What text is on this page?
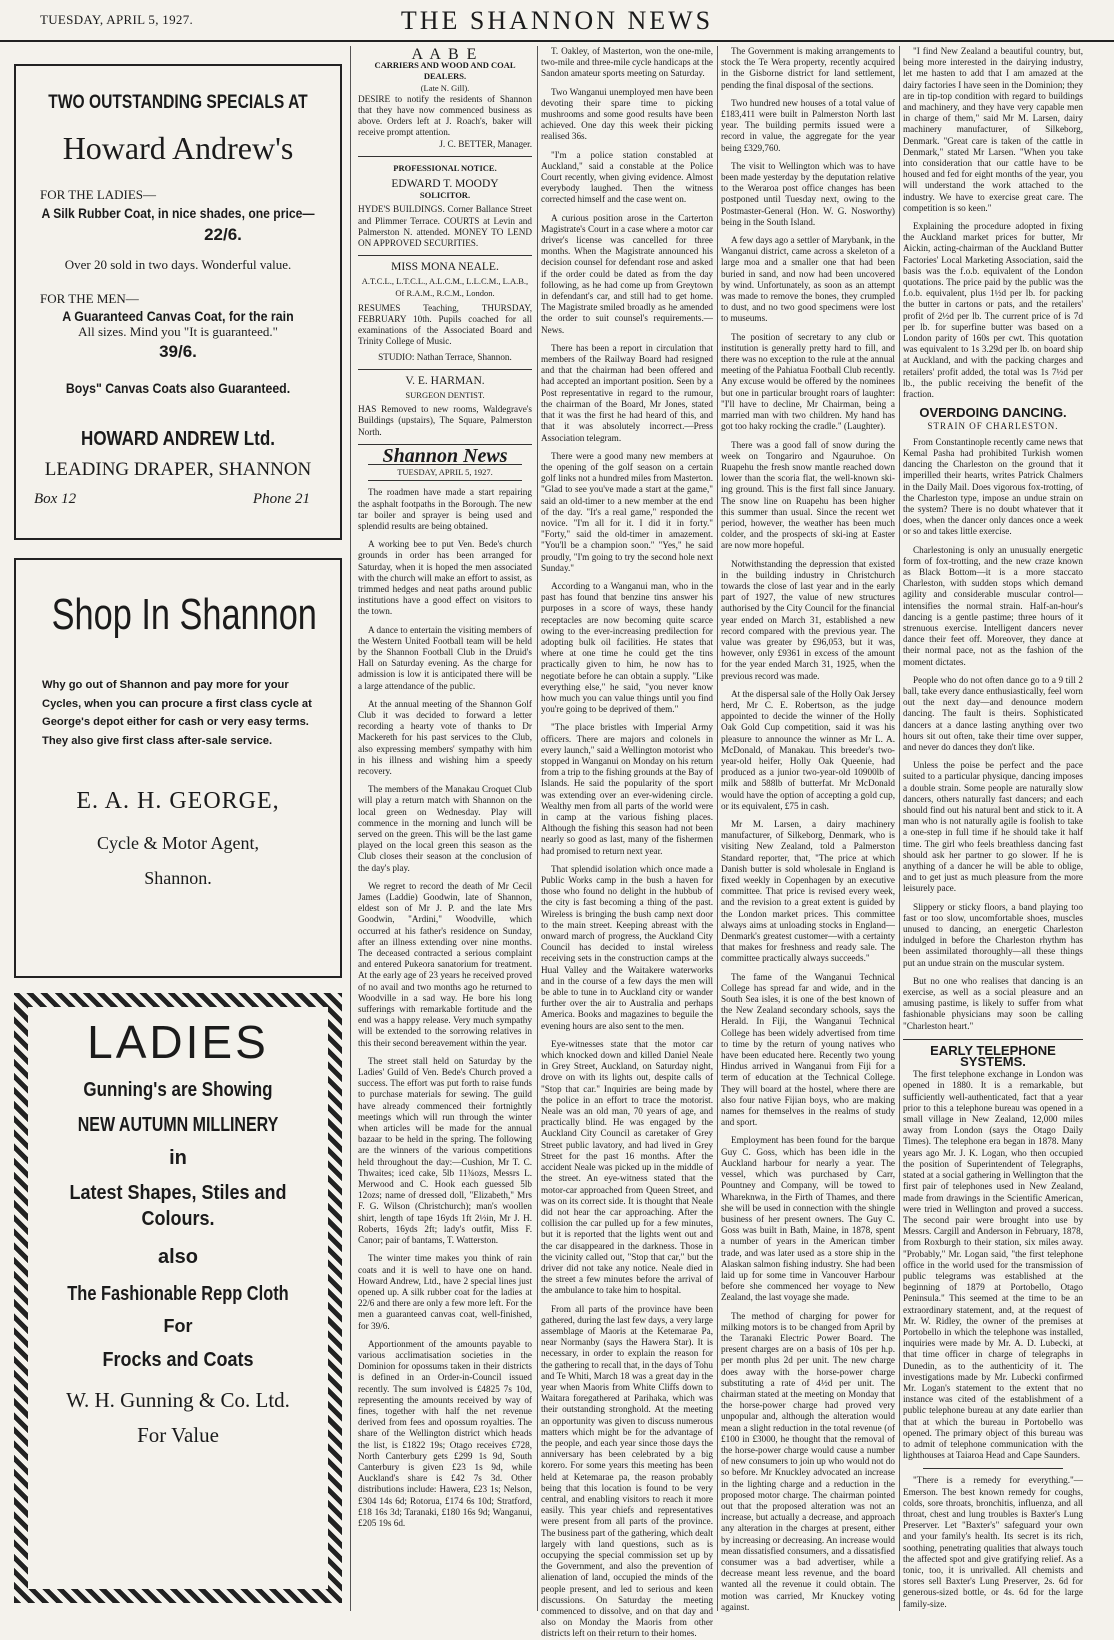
TUESDAY, APRIL 5, 1927.	THE SHANNON NEWS
TWO OUTSTANDING SPECIALS AT
Howard Andrew's
FOR THE LADIES—
A Silk Rubber Coat, in nice shades, one price—
22/6.
Over 20 sold in two days. Wonderful value.
FOR THE MEN—
A Guaranteed Canvas Coat, for the rain
All sizes. Mind you "It is guaranteed."
39/6.
Boys" Canvas Coats also Guaranteed.
HOWARD ANDREW Ltd.
LEADING DRAPER, SHANNON
Box 12	Phone 21
Shop In Shannon
Why go out of Shannon and pay more for your Cycles, when you can procure a first class cycle at George's depot either for cash or very easy terms. They also give first class after-sale service.
E. A. H. GEORGE,
Cycle & Motor Agent,
Shannon.
LADIES
Gunning's are Showing
NEW AUTUMN MILLINERY
in
Latest Shapes, Stiles and Colours.
also
The Fashionable Repp Cloth
For
Frocks and Coats
W. H. Gunning & Co. Ltd.
For Value
A A B E
CARRIERS AND WOOD AND COAL DEALERS.
(Late N. Gill).
DESIRE to notify the residents of Shannon that they have now commenced business as above. Orders left at J. Roach's, baker will receive prompt attention.
J. C. BETTER, Manager.
PROFESSIONAL NOTICE.
EDWARD T. MOODY
SOLICITOR.
HYDE'S BUILDINGS. Corner Ballance Street and Plimmer Terrace. COURTS at Levin and Palmerston N. attended. MONEY TO LEND ON APPROVED SECURITIES.
MISS MONA NEALE.
A.T.C.L., L.T.C.L., A.L.C.M., L.L.C.M., L.A.B., Of R.A.M., R.C.M., London.
RESUMES Teaching, THURSDAY, FEBRUARY 10th. Pupils coached for all examinations of the Associated Board and Trinity College of Music.
STUDIO: Nathan Terrace, Shannon.
V. E. HARMAN.
SURGEON DENTIST.
HAS Removed to new rooms, Waldegrave's Buildings (upstairs), The Square, Palmerston North.
Shannon News
TUESDAY, APRIL 5, 1927.
The roadmen have made a start repairing the asphalt footpaths in the Borough. The new tar boiler and sprayer is being used and splendid results are being obtained.
A working bee to put Ven. Bede's church grounds in order has been arranged for Saturday, when it is hoped the men associated with the church will make an effort to assist, as trimmed hedges and neat paths around public institutions have a good effect on visitors to the town.
A dance to entertain the visiting members of the Western United Football team will be held by the Shannon Football Club in the Druid's Hall on Saturday evening. As the charge for admission is low it is anticipated there will be a large attendance of the public.
At the annual meeting of the Shannon Golf Club it was decided to forward a letter recording a hearty vote of thanks to Dr Mackereth for his past services to the Club, also expressing members' sympathy with him in his illness and wishing him a speedy recovery.
The members of the Manakau Croquet Club will play a return match with Shannon on the local green on Wednesday. Play will commence in the morning and lunch will be served on the green. This will be the last game played on the local green this season as the Club closes their season at the conclusion of the day's play.
We regret to record the death of Mr Cecil James (Laddie) Goodwin, late of Shannon, eldest son of Mr J. P. and the late Mrs Goodwin, "Ardini," Woodville, which occurred at his father's residence on Sunday, after an illness extending over nine months. The deceased contracted a serious complaint and entered Pukeora sanatorium for treatment. At the early age of 23 years he received proved of no avail and two months ago he returned to Woodville in a sad way. He bore his long sufferings with remarkable fortitude and the end was a happy release. Very much sympathy will be extended to the sorrowing relatives in this their second bereavement within the year.
The street stall held on Saturday by the Ladies' Guild of Ven. Bede's Church proved a success. The effort was put forth to raise funds to purchase materials for sewing. The guild have already commenced their fortnightly meetings which will run through the winter when articles will be made for the annual bazaar to be held in the spring. The following are the winners of the various competitions held throughout the day:—Cushion, Mr T. C. Thwaites; iced cake, 5lb 11¾ozs, Messrs L. Merwood and C. Hook each guessed 5lb 12ozs; name of dressed doll, "Elizabeth," Mrs F. G. Wilson (Christchurch); man's woollen shirt, length of tape 16yds 1ft 2½in, Mr J. H. Roberts, 16yds 2ft; lady's outfit, Miss F. Canor; pair of bantams, T. Watterston.
The winter time makes you think of rain coats and it is well to have one on hand. Howard Andrew, Ltd., have 2 special lines just opened up. A silk rubber coat for the ladies at 22/6 and there are only a few more left. For the men a guaranteed canvas coat, well-finished, for 39/6.
Apportionment of the amounts payable to various acclimatisation societies in the Dominion for opossums taken in their districts is defined in an Order-in-Council issued recently. The sum involved is £4825 7s 10d, representing the amounts received by way of fines, together with half the net revenue derived from fees and opossum royalties. The share of the Wellington district which heads the list, is £1822 19s; Otago receives £728, North Canterbury gets £299 1s 9d, South Canterbury is given £23 1s 9d, while Auckland's share is £42 7s 3d. Other distributions include: Hawera, £23 1s; Nelson, £304 14s 6d; Rotorua, £174 6s 10d; Stratford, £18 16s 3d; Taranaki, £180 16s 9d; Wanganui, £205 19s 6d.
T. Oakley, of Masterton, won the one-mile, two-mile and three-mile cycle handicaps at the Sandon amateur sports meeting on Saturday.
Two Wanganui unemployed men have been devoting their spare time to picking mushrooms and some good results have been achieved. One day this week their picking realised 36s.
"I'm a police station constabled at Auckland," said a constable at the Police Court recently, when giving evidence. Almost everybody laughed. Then the witness corrected himself and the case went on.
A curious position arose in the Carterton Magistrate's Court in a case where a motor car driver's license was cancelled for three months. When the Magistrate announced his decision counsel for defendant rose and asked if the order could be dated as from the day following, as he had come up from Greytown in defendant's car, and still had to get home. The Magistrate smiled broadly as he amended the order to suit counsel's requirements.—News.
There has been a report in circulation that members of the Railway Board had resigned and that the chairman had been offered and had accepted an important position. Seen by a Post representative in regard to the rumour, the chairman of the Board, Mr Jones, stated that it was the first he had heard of this, and that it was absolutely incorrect.—Press Association telegram.
There were a good many new members at the opening of the golf season on a certain golf links not a hundred miles from Masterton. "Glad to see you've made a start at the game," said an old-timer to a new member at the end of the day. "It's a real game," responded the novice. "I'm all for it. I did it in forty." "Forty," said the old-timer in amazement. "You'll be a champion soon." "Yes," he said proudly, "I'm going to try the second hole next Sunday."
According to a Wanganui man, who in the past has found that benzine tins answer his purposes in a score of ways, these handy receptacles are now becoming quite scarce owing to the ever-increasing predilection for adopting bulk oil facilities. He states that where at one time he could get the tins practically given to him, he now has to negotiate before he can obtain a supply. "Like everything else," he said, "you never know how much you can value things until you find you're going to be deprived of them."
"The place bristles with Imperial Army officers. There are majors and colonels in every launch," said a Wellington motorist who stopped in Wanganui on Monday on his return from a trip to the fishing grounds at the Bay of Islands. He said the popularity of the sport was extending over an ever-widening circle. Wealthy men from all parts of the world were in camp at the various fishing places. Although the fishing this season had not been nearly so good as last, many of the fishermen had promised to return next year.
That splendid isolation which once made a Public Works camp in the bush a haven for those who found no delight in the hubbub of the city is fast becoming a thing of the past. Wireless is bringing the bush camp next door to the main street. Keeping abreast with the onward march of progress, the Auckland City Council has decided to instal wireless receiving sets in the construction camps at the Hual Valley and the Waitakere waterworks and in the course of a few days the men will be able to tune in to Auckland city or wander further over the air to Australia and perhaps America. Books and magazines to beguile the evening hours are also sent to the men.
Eye-witnesses state that the motor car which knocked down and killed Daniel Neale in Grey Street, Auckland, on Saturday night, drove on with its lights out, despite calls of "Stop that car." Inquiries are being made by the police in an effort to trace the motorist. Neale was an old man, 70 years of age, and practically blind. He was engaged by the Auckland City Council as caretaker of Grey Street public lavatory, and had lived in Grey Street for the past 16 months. After the accident Neale was picked up in the middle of the street. An eye-witness stated that the motor-car approached from Queen Street, and was on its correct side. It is thought that Neale did not hear the car approaching. After the collision the car pulled up for a few minutes, but it is reported that the lights went out and the car disappeared in the darkness. Those in the vicinity called out, "Stop that car," but the driver did not take any notice. Neale died in the street a few minutes before the arrival of the ambulance to take him to hospital.
From all parts of the province have been gathered, during the last few days, a very large assemblage of Maoris at the Ketemarae Pa, near Normanby (says the Hawera Star). It is necessary, in order to explain the reason for the gathering to recall that, in the days of Tohu and Te Whiti, March 18 was a great day in the year when Maoris from White Cliffs down to Waitara foregathered at Parihaka, which was their outstanding stronghold. At the meeting an opportunity was given to discuss numerous matters which might be for the advantage of the people, and each year since those days the anniversary has been celebrated by a big korero. For some years this meeting has been held at Ketemarae pa, the reason probably being that this location is found to be very central, and enabling visitors to reach it more easily. This year chiefs and representatives were present from all parts of the province. The business part of the gathering, which dealt largely with land questions, such as is occupying the special commission set up by the Government, and also the prevention of alienation of land, occupied the minds of the people present, and led to serious and keen discussions. On Saturday the meeting commenced to dissolve, and on that day and also on Monday the Maoris from other districts left on their return to their homes.
The Government is making arrangements to stock the Te Wera property, recently acquired in the Gisborne district for land settlement, pending the final disposal of the sections.
Two hundred new houses of a total value of £183,411 were built in Palmerston North last year. The building permits issued were a record in value, the aggregate for the year being £329,760.
The visit to Wellington which was to have been made yesterday by the deputation relative to the Weraroa post office changes has been postponed until Tuesday next, owing to the Postmaster-General (Hon. W. G. Nosworthy) being in the South Island.
A few days ago a settler of Marybank, in the Wanganui district, came across a skeleton of a large moa and a smaller one that had been buried in sand, and now had been uncovered by wind. Unfortunately, as soon as an attempt was made to remove the bones, they crumpled to dust, and no two good specimens were lost to museums.
The position of secretary to any club or institution is generally pretty hard to fill, and there was no exception to the rule at the annual meeting of the Pahiatua Football Club recently. Any excuse would be offered by the nominees but one in particular brought roars of laughter: "I'll have to decline, Mr Chairman, being a married man with two children. My hand has got too haky rocking the cradle." (Laughter).
There was a good fall of snow during the week on Tongariro and Ngauruhoe. On Ruapehu the fresh snow mantle reached down lower than the scoria flat, the well-known ski-ing ground. This is the first fall since January. The snow line on Ruapehu has been higher this summer than usual. Since the recent wet period, however, the weather has been much colder, and the prospects of ski-ing at Easter are now more hopeful.
Notwithstanding the depression that existed in the building industry in Christchurch towards the close of last year and in the early part of 1927, the value of new structures authorised by the City Council for the financial year ended on March 31, established a new record compared with the previous year. The value was greater by £96,053, but it was, however, only £9361 in excess of the amount for the year ended March 31, 1925, when the previous record was made.
At the dispersal sale of the Holly Oak Jersey herd, Mr C. E. Robertson, as the judge appointed to decide the winner of the Holly Oak Gold Cup competition, said it was his pleasure to announce the winner as Mr L. A. McDonald, of Manakau. This breeder's two-year-old heifer, Holly Oak Queenie, had produced as a junior two-year-old 10900lb of milk and 588lb of butterfat. Mr McDonald would have the option of accepting a gold cup, or its equivalent, £75 in cash.
Mr M. Larsen, a dairy machinery manufacturer, of Silkeborg, Denmark, who is visiting New Zealand, told a Palmerston Standard reporter, that, "The price at which Danish butter is sold wholesale in England is fixed weekly in Copenhagen by an executive committee. That price is revised every week, and the revision to a great extent is guided by the London market prices. This committee always aims at unloading stocks in England—Denmark's greatest customer—with a certainty that makes for freshness and ready sale. The committee practically always succeeds."
The fame of the Wanganui Technical College has spread far and wide, and in the South Sea isles, it is one of the best known of the New Zealand secondary schools, says the Herald. In Fiji, the Wanganui Technical College has been widely advertised from time to time by the return of young natives who have been educated here. Recently two young Hindus arrived in Wanganui from Fiji for a term of education at the Technical College. They will board at the hostel, where there are also four native Fijian boys, who are making names for themselves in the realms of study and sport.
Employment has been found for the barque Guy C. Goss, which has been idle in the Auckland harbour for nearly a year. The vessel, which was purchased by Carr, Pountney and Company, will be towed to Whareknwa, in the Firth of Thames, and there she will be used in connection with the shingle business of her present owners. The Guy C. Goss was built in Bath, Maine, in 1878, spent a number of years in the American timber trade, and was later used as a store ship in the Alaskan salmon fishing industry. She had been laid up for some time in Vancouver Harbour before she commenced her voyage to New Zealand, the last voyage she made.
The method of charging for power for milking motors is to be changed from April by the Taranaki Electric Power Board. The present charges are on a basis of 10s per h.p. per month plus 2d per unit. The new charge does away with the horse-power charge substituting a rate of 4½d per unit. The chairman stated at the meeting on Monday that the horse-power charge had proved very unpopular and, although the alteration would mean a slight reduction in the total revenue (of £100 in £3000, he thought that the removal of the horse-power charge would cause a number of new consumers to join up who would not do so before. Mr Knuckley advocated an increase in the lighting charge and a reduction in the proposed motor charge. The chairman pointed out that the proposed alteration was not an increase, but actually a decrease, and approach any alteration in the charges at present, either by increasing or decreasing. An increase would mean dissatisfied consumers, and a dissatisfied consumer was a bad advertiser, while a decrease meant less revenue, and the board wanted all the revenue it could obtain. The motion was carried, Mr Knuckey voting against.
"I find New Zealand a beautiful country, but, being more interested in the dairying industry, let me hasten to add that I am amazed at the dairy factories I have seen in the Dominion; they are in tip-top condition with regard to buildings and machinery, and they have very capable men in charge of them," said Mr M. Larsen, dairy machinery manufacturer, of Silkeborg, Denmark. "Great care is taken of the cattle in Denmark," stated Mr Larsen. "When you take into consideration that our cattle have to be housed and fed for eight months of the year, you will understand the work attached to the industry. We have to exercise great care. The competition is so keen."
Explaining the procedure adopted in fixing the Auckland market prices for butter, Mr Aickin, acting-chairman of the Auckland Butter Factories' Local Marketing Association, said the basis was the f.o.b. equivalent of the London quotations. The price paid by the public was the f.o.b. equivalent, plus 1½d per lb. for packing the butter in cartons or pats, and the retailers' profit of 2½d per lb. The current price of is 7d per lb. for superfine butter was based on a London parity of 160s per cwt. This quotation was equivalent to 1s 3.29d per lb. on board ship at Auckland, and with the packing charges and retailers' profit added, the total was 1s 7½d per lb., the public receiving the benefit of the fraction.
OVERDOING DANCING.
STRAIN OF CHARLESTON.
From Constantinople recently came news that Kemal Pasha had prohibited Turkish women dancing the Charleston on the ground that it imperilled their hearts, writes Patrick Chalmers in the Daily Mail. Does vigorous fox-trotting, of the Charleston type, impose an undue strain on the system? There is no doubt whatever that it does, when the dancer only dances once a week or so and takes little exercise.
Charlestoning is only an unusually energetic form of fox-trotting, and the new craze known as Black Bottom—it is a more staccato Charleston, with sudden stops which demand agility and considerable muscular control—intensifies the normal strain. Half-an-hour's dancing is a gentle pastime; three hours of it strenuous exercise. Intelligent dancers never dance their feet off. Moreover, they dance at their normal pace, not as the fashion of the moment dictates.
People who do not often dance go to a 9 till 2 ball, take every dance enthusiastically, feel worn out the next day—and denounce modern dancing. The fault is theirs. Sophisticated dancers at a dance lasting anything over two hours sit out often, take their time over supper, and never do dances they don't like.
Unless the poise be perfect and the pace suited to a particular physique, dancing imposes a double strain. Some people are naturally slow dancers, others naturally fast dancers; and each should find out his natural bent and stick to it. A man who is not naturally agile is foolish to take a one-step in full time if he should take it half time. The girl who feels breathless dancing fast should ask her partner to go slower. If he is anything of a dancer he will be able to oblige, and to get just as much pleasure from the more leisurely pace.
Slippery or sticky floors, a band playing too fast or too slow, uncomfortable shoes, muscles unused to dancing, an energetic Charleston indulged in before the Charleston rhythm has been assimilated thoroughly—all these things put an undue strain on the muscular system.
But no one who realises that dancing is an exercise, as well as a social pleasure and an amusing pastime, is likely to suffer from what fashionable physicians may soon be calling "Charleston heart."
EARLY TELEPHONE SYSTEMS.
The first telephone exchange in London was opened in 1880. It is a remarkable, but sufficiently well-authenticated, fact that a year prior to this a telephone bureau was opened in a small village in New Zealand, 12,000 miles away from London (says the Otago Daily Times). The telephone era began in 1878. Many years ago Mr. J. K. Logan, who then occupied the position of Superintendent of Telegraphs, stated at a social gathering in Wellington that the first pair of telephones used in New Zealand, made from drawings in the Scientific American, were tried in Wellington and proved a success. The second pair were brought into use by Messrs. Cargill and Anderson in February, 1878, from Roxburgh to their station, six miles away. "Probably," Mr. Logan said, "the first telephone office in the world used for the transmission of public telegrams was established at the beginning of 1879 at Portobello, Otago Peninsula." This seemed at the time to be an extraordinary statement, and, at the request of Mr. W. Ridley, the owner of the premises at Portobello in which the telephone was installed, inquiries were made by Mr. A. D. Lubecki, at that time officer in charge of telegraphs in Dunedin, as to the authenticity of it. The investigations made by Mr. Lubecki confirmed Mr. Logan's statement to the extent that no instance was cited of the establishment of a public telephone bureau at any date earlier than that at which the bureau in Portobello was opened. The primary object of this bureau was to admit of telephone communication with the lighthouses at Taiaroa Head and Cape Saunders.
"There is a remedy for everything."—Emerson. The best known remedy for coughs, colds, sore throats, bronchitis, influenza, and all throat, chest and lung troubles is Baxter's Lung Preserver. Let "Baxter's" safeguard your own and your family's health. Its secret is its rich, soothing, penetrating qualities that always touch the affected spot and give gratifying relief. As a tonic, too, it is unrivalled. All chemists and stores sell Baxter's Lung Preserver, 2s. 6d for generous-sized bottle, or 4s. 6d for the large family-size.
